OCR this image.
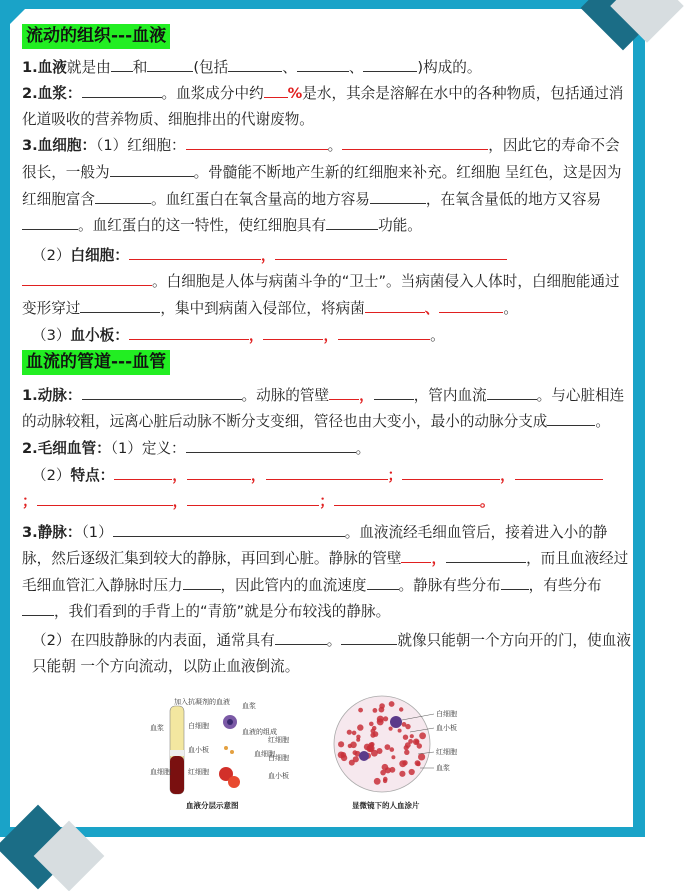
流动的组织---血液

1.血液就是由 和	(包括	、	、	)构成的。

2.血浆：	。血浆成分中约 %是水，其余是溶解在水中的各种物质，包括通过消化道吸收的营养物质、细胞排出的代谢废物。

3.血细胞：（1）红细胞：	。	，因此它的寿命不会很长，一般为	。骨髓能不断地产生新的红细胞来补充。红细胞 呈红色，这是因为红细胞富含	。血红蛋白在氧含量高的地方容易	，在氧含量低的地方又容易。血红蛋白的这一特性，使红细胞具有	功能。

（2）白细胞：	，

。白细胞是人体与病菌斗争的“卫士”。当病菌侵入人体时，白细胞能通过变形穿过	，集中到病菌入侵部位，将病菌	、	。

（3）血小板：	，	，	。

血流的管道---血管

1.动脉：	。动脉的管壁 ，	，管内血流	。与心脏相连的动脉较粗，远离心脏后动脉不断分支变细，管径也由大变小，最小的动脉分支成	。

2.毛细血管：（1）定义：	。

（2）特点：	，	，	；	，

；	，	；	。

3.静脉：（1）	。血液流经毛细血管后，接着进入小的静脉，然后逐级汇集到较大的静脉，再回到心脏。静脉的管壁 ，	，而且血液经过毛细血管汇入静脉时压力	，因此管内的血流速度 。静脉有些分布 ，有些分布，我们看到的手背上的“青筋”就是分布较浅的静脉。

（2）在四肢静脉的内表面，通常具有	。	就像只能朝一个方向开的门，使血液只能朝 一个方向流动，以防止血液倒流。

加入抗凝剂的血液
血浆
血细胞
白细胞
血小板
红细胞
血浆
血液的组成
血细胞
红细胞
白细胞
血小板
血液分层示意图
白细胞
血小板
红细胞
血浆
显微镜下的人血涂片
